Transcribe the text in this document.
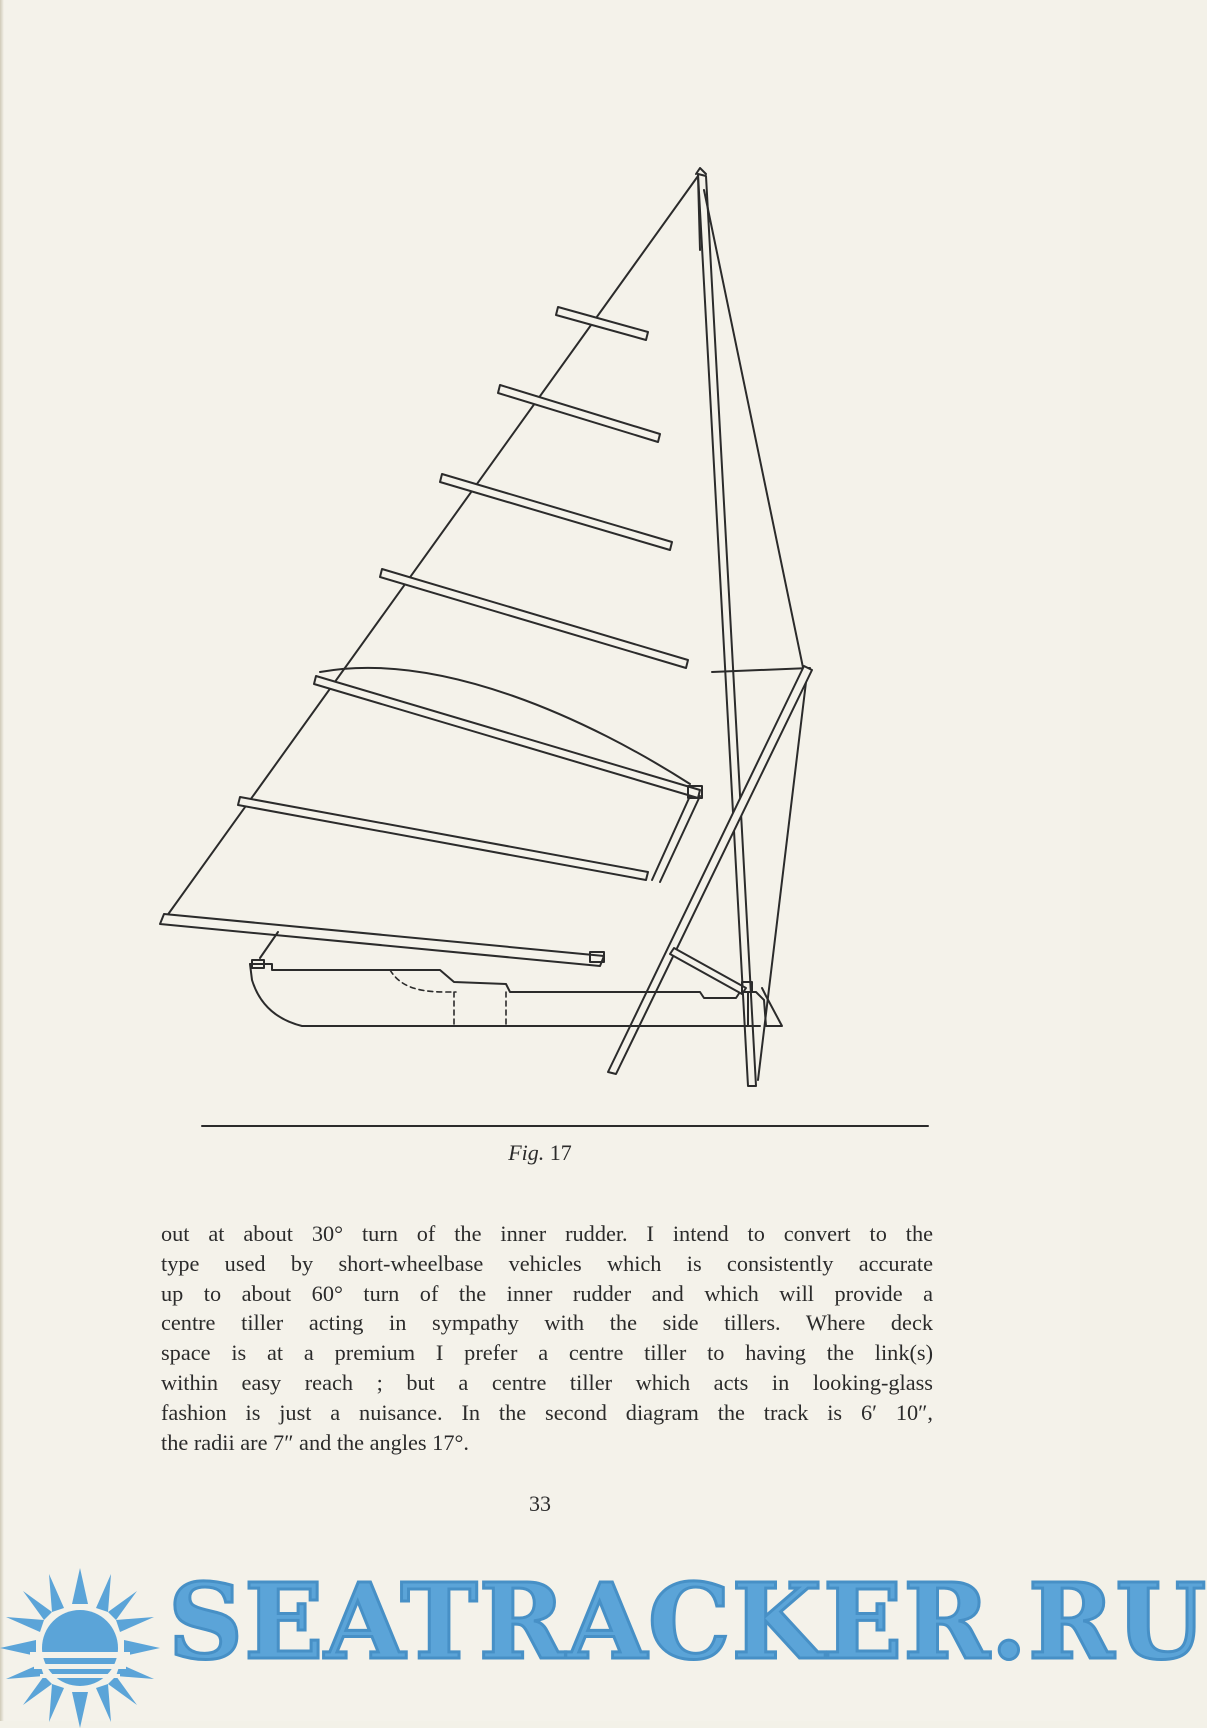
Fig. 17
out at about 30° turn of the inner rudder. I intend to convert to the
type used by short-wheelbase vehicles which is consistently accurate
up to about 60° turn of the inner rudder and which will provide a
centre tiller acting in sympathy with the side tillers. Where deck
space is at a premium I prefer a centre tiller to having the link(s)
within easy reach ; but a centre tiller which acts in looking-glass
fashion is just a nuisance. In the second diagram the track is 6′ 10″,
the radii are 7″ and the angles 17°.
33
SEATRACKER.RU
